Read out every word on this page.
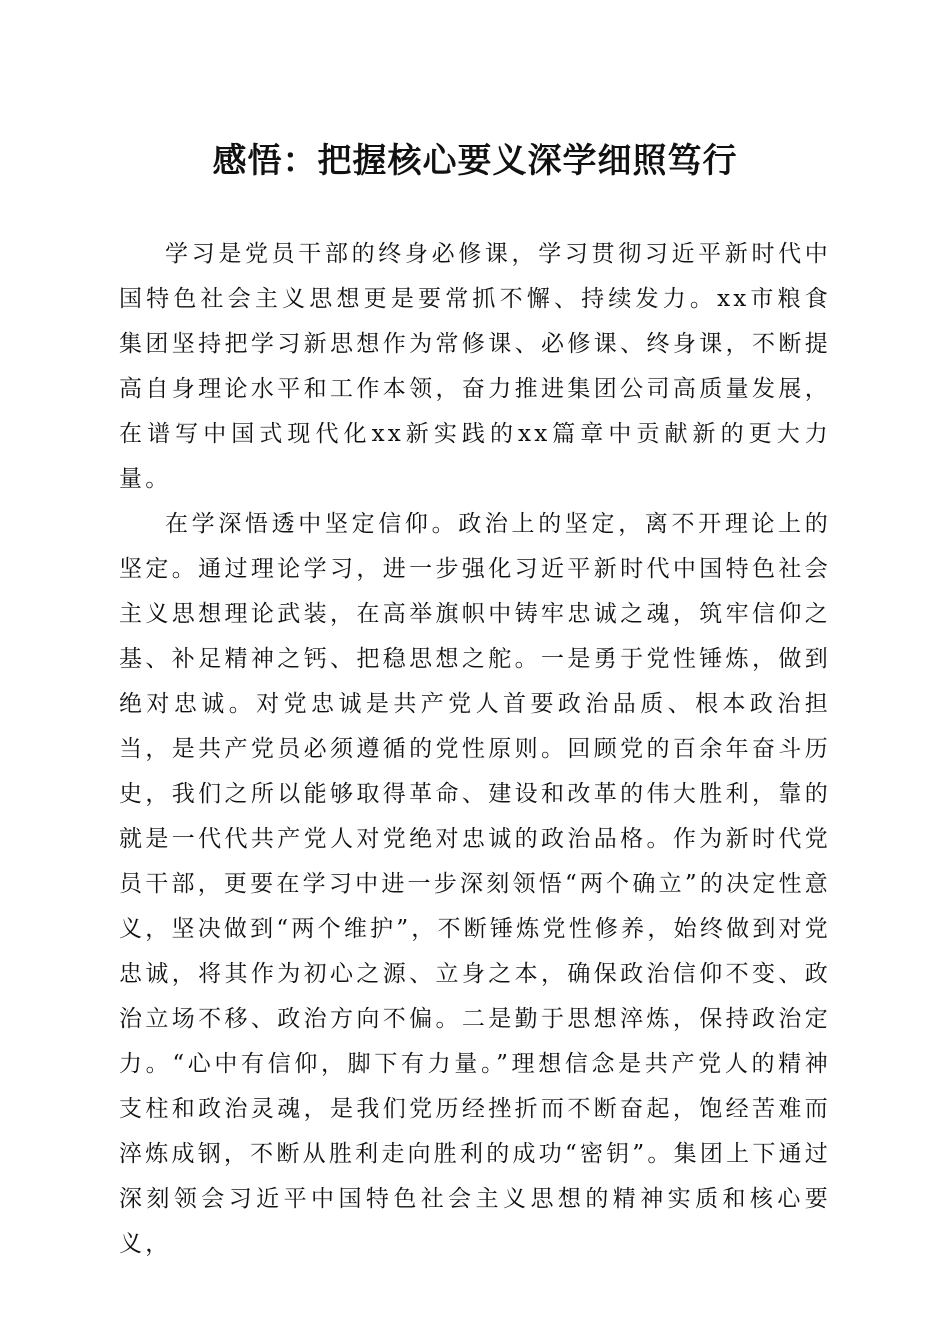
感悟：把握核心要义深学细照笃行

学习是党员干部的终身必修课，学习贯彻习近平新时代中国特色社会主义思想更是要常抓不懈、持续发力。xx市粮食集团坚持把学习新思想作为常修课、必修课、终身课，不断提高自身理论水平和工作本领，奋力推进集团公司高质量发展，在谱写中国式现代化xx新实践的xx篇章中贡献新的更大力量。

在学深悟透中坚定信仰。政治上的坚定，离不开理论上的坚定。通过理论学习，进一步强化习近平新时代中国特色社会主义思想理论武装，在高举旗帜中铸牢忠诚之魂，筑牢信仰之基、补足精神之钙、把稳思想之舵。一是勇于党性锤炼，做到绝对忠诚。对党忠诚是共产党人首要政治品质、根本政治担当，是共产党员必须遵循的党性原则。回顾党的百余年奋斗历史，我们之所以能够取得革命、建设和改革的伟大胜利，靠的就是一代代共产党人对党绝对忠诚的政治品格。作为新时代党员干部，更要在学习中进一步深刻领悟“两个确立”的决定性意义，坚决做到“两个维护”，不断锤炼党性修养，始终做到对党忠诚，将其作为初心之源、立身之本，确保政治信仰不变、政治立场不移、政治方向不偏。二是勤于思想淬炼，保持政治定力。“心中有信仰，脚下有力量。”理想信念是共产党人的精神支柱和政治灵魂，是我们党历经挫折而不断奋起，饱经苦难而淬炼成钢，不断从胜利走向胜利的成功“密钥”。集团上下通过深刻领会习近平中国特色社会主义思想的精神实质和核心要义，
